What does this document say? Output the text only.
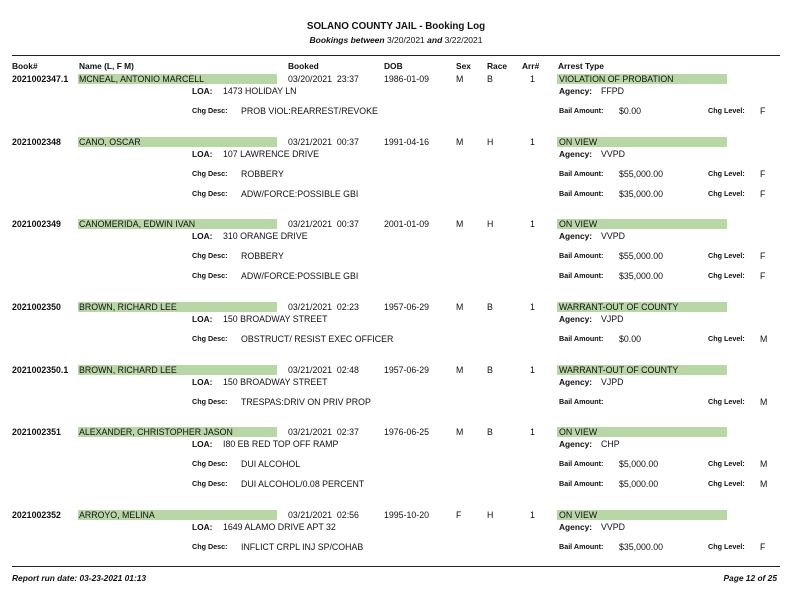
SOLANO COUNTY JAIL - Booking Log
Bookings between 3/20/2021 and 3/22/2021
Book#	Name (L, F M)	Booked	DOB	Sex Race Arr# Arrest Type
2021002347.1 MCNEAL, ANTONIO MARCELL	03/20/2021  23:37	1986-01-09	M	B	1	VIOLATION OF PROBATION
LOA: 1473 HOLIDAY LN	Agency: FFPD
Chg Desc: PROB VIOL:REARREST/REVOKE	Bail Amount: $0.00	Chg Level: F
2021002348 CANO, OSCAR	03/21/2021  00:37	1991-04-16	M	H	1	ON VIEW
LOA: 107 LAWRENCE DRIVE	Agency: VVPD
Chg Desc: ROBBERY	Bail Amount: $55,000.00	Chg Level: F
Chg Desc: ADW/FORCE:POSSIBLE GBI	Bail Amount: $35,000.00	Chg Level: F
2021002349 CANOMERIDA, EDWIN IVAN	03/21/2021  00:37	2001-01-09	M	H	1	ON VIEW
LOA: 310 ORANGE DRIVE	Agency: VVPD
Chg Desc: ROBBERY	Bail Amount: $55,000.00	Chg Level: F
Chg Desc: ADW/FORCE:POSSIBLE GBI	Bail Amount: $35,000.00	Chg Level: F
2021002350 BROWN, RICHARD LEE	03/21/2021  02:23	1957-06-29	M	B	1	WARRANT-OUT OF COUNTY
LOA: 150 BROADWAY STREET	Agency: VJPD
Chg Desc: OBSTRUCT/ RESIST EXEC OFFICER	Bail Amount: $0.00	Chg Level: M
2021002350.1 BROWN, RICHARD LEE	03/21/2021  02:48	1957-06-29	M	B	1	WARRANT-OUT OF COUNTY
LOA: 150 BROADWAY STREET	Agency: VJPD
Chg Desc: TRESPAS:DRIV ON PRIV PROP	Bail Amount:	Chg Level: M
2021002351 ALEXANDER, CHRISTOPHER JASON	03/21/2021  02:37	1976-06-25	M	B	1	ON VIEW
LOA: I80 EB RED TOP OFF RAMP	Agency: CHP
Chg Desc: DUI ALCOHOL	Bail Amount: $5,000.00	Chg Level: M
Chg Desc: DUI ALCOHOL/0.08 PERCENT	Bail Amount: $5,000.00	Chg Level: M
2021002352 ARROYO, MELINA	03/21/2021  02:56	1995-10-20	F	H	1	ON VIEW
LOA: 1649 ALAMO DRIVE APT 32	Agency: VVPD
Chg Desc: INFLICT CRPL INJ SP/COHAB	Bail Amount: $35,000.00	Chg Level: F
Report run date: 03-23-2021 01:13	Page 12 of 25
